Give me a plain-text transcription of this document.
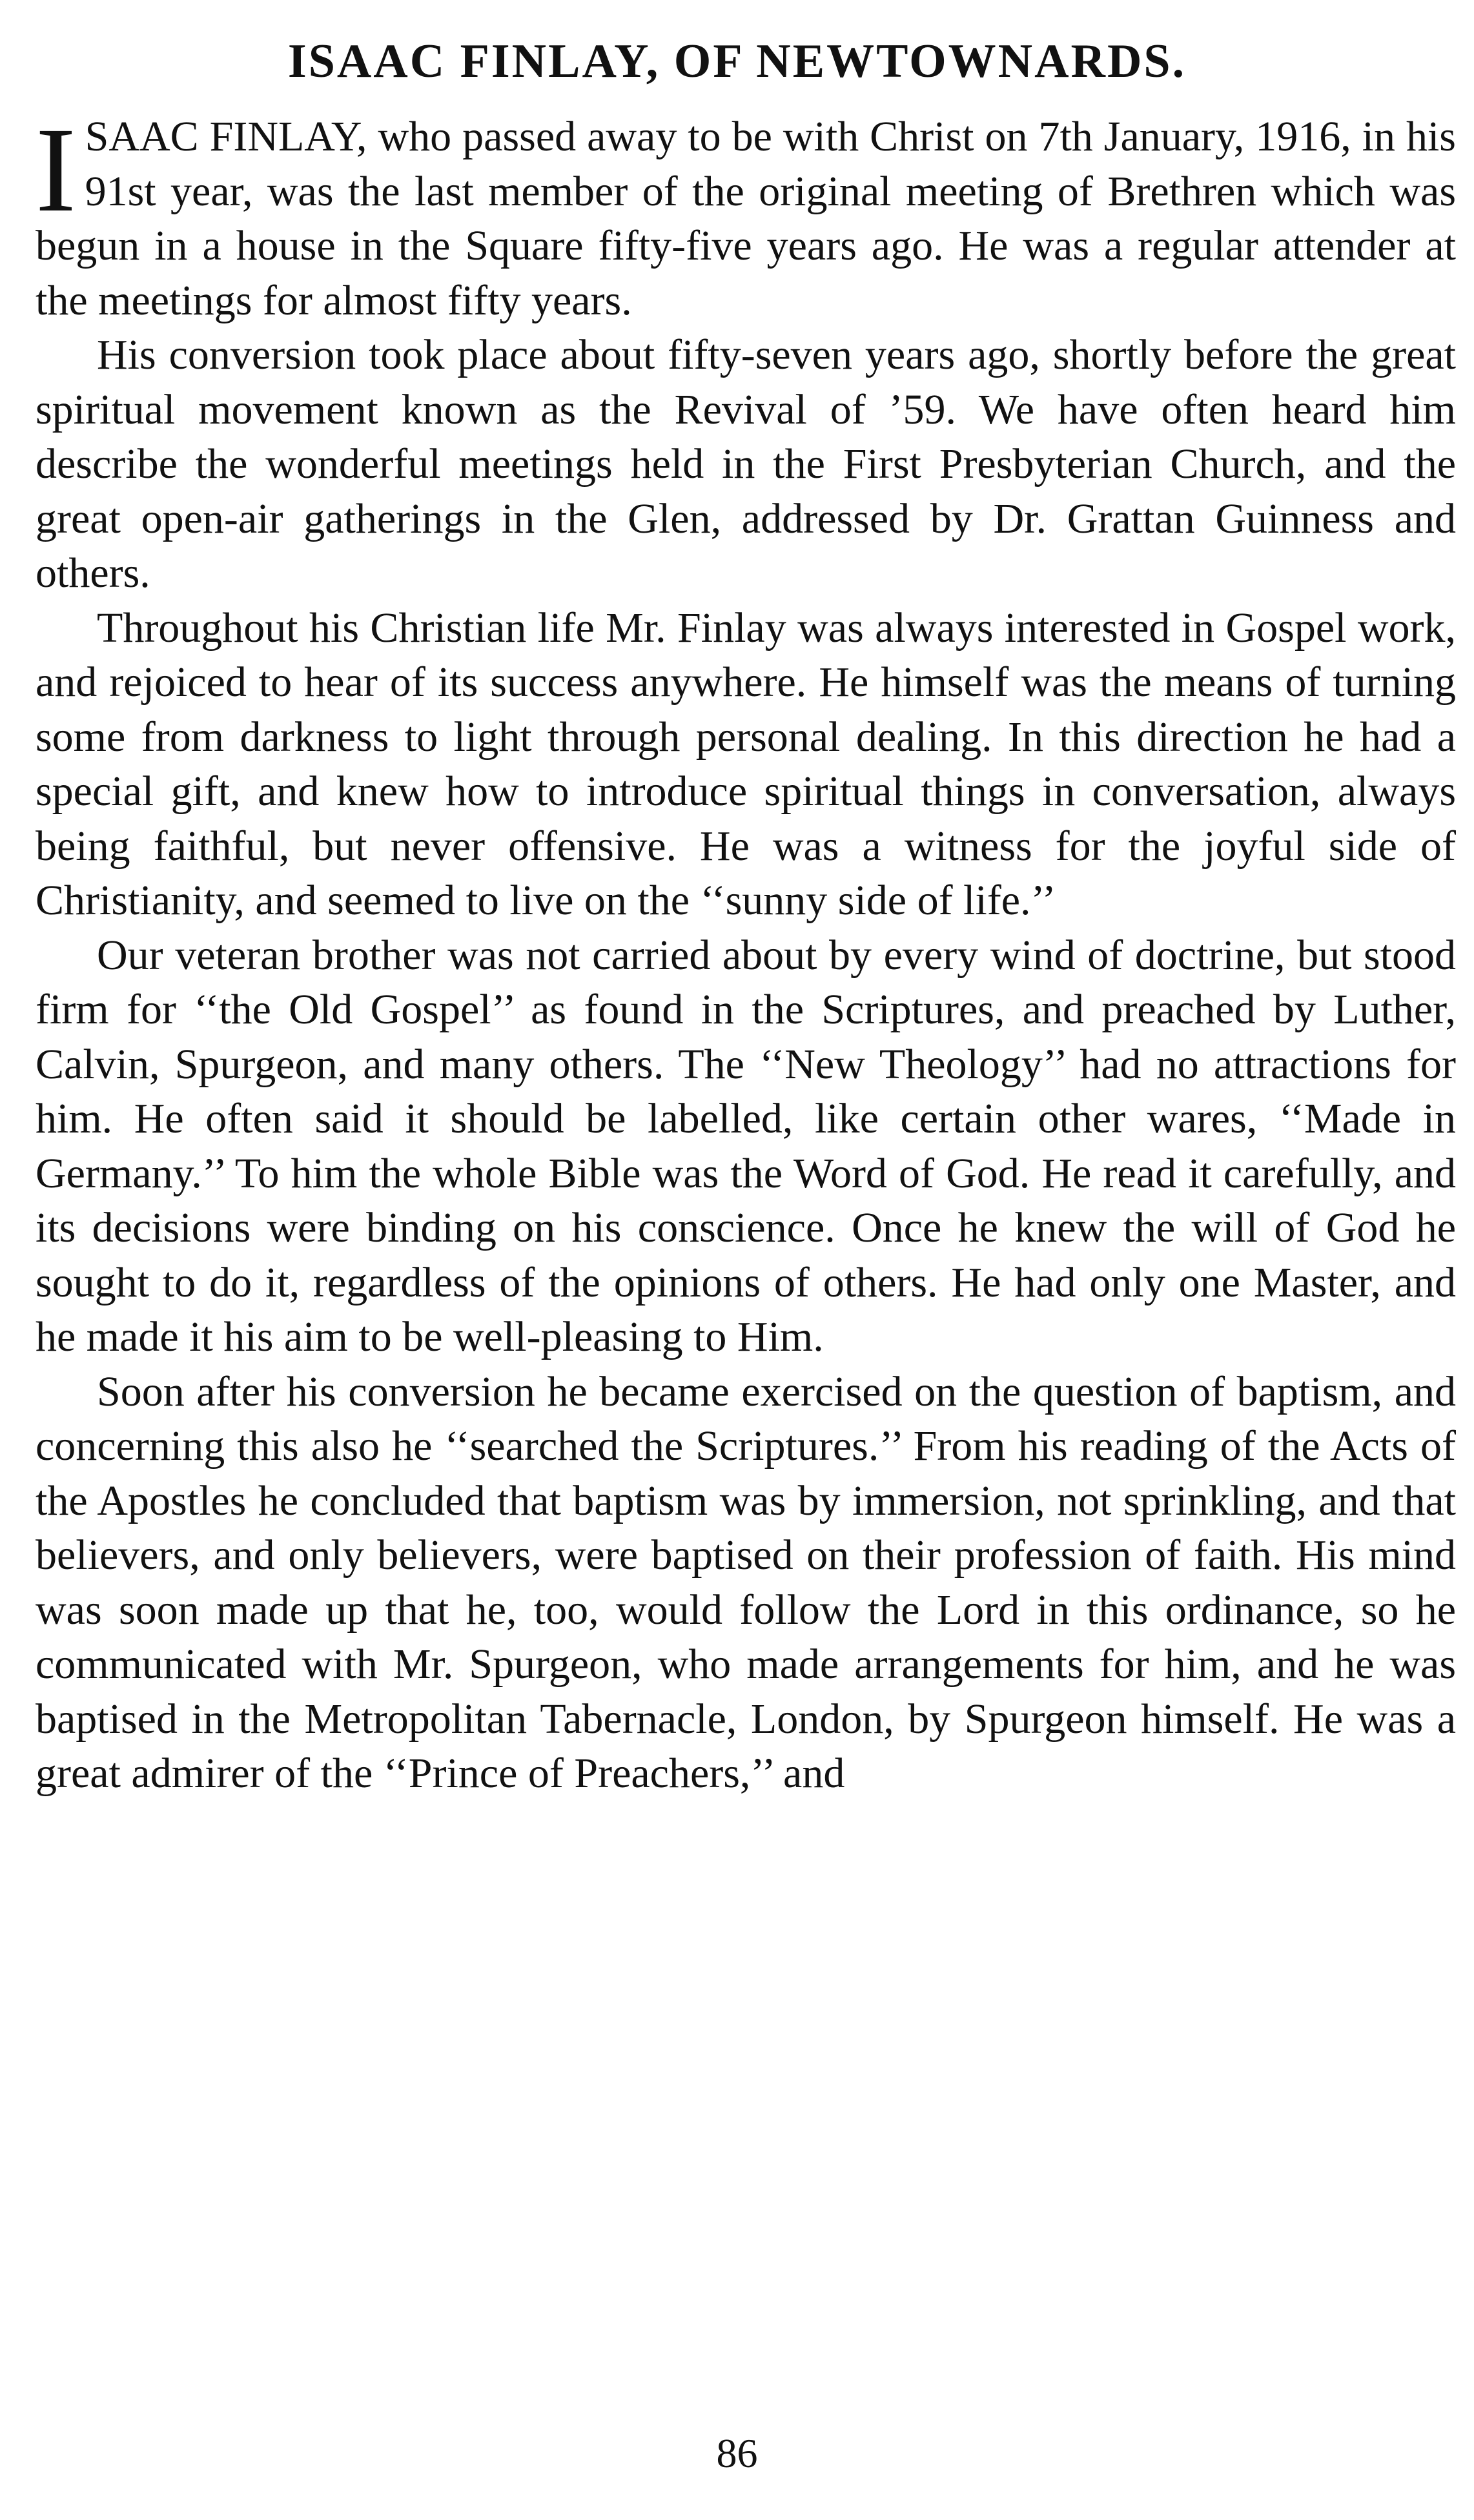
ISAAC FINLAY, OF NEWTOWNARDS.

ISAAC FINLAY, who passed away to be with Christ on 7th January, 1916, in his 91st year, was the last member of the original meeting of Brethren which was begun in a house in the Square fifty-five years ago. He was a regular attender at the meetings for almost fifty years.

His conversion took place about fifty-seven years ago, shortly before the great spiritual movement known as the Revival of ’59. We have often heard him describe the wonderful meetings held in the First Presbyterian Church, and the great open-air gatherings in the Glen, addressed by Dr. Grattan Guinness and others.

Throughout his Christian life Mr. Finlay was always interested in Gospel work, and rejoiced to hear of its success anywhere. He himself was the means of turning some from darkness to light through personal dealing. In this direction he had a special gift, and knew how to introduce spiritual things in conversation, always being faithful, but never offensive. He was a witness for the joyful side of Christianity, and seemed to live on the ‘‘sunny side of life.’’

Our veteran brother was not carried about by every wind of doctrine, but stood firm for ‘‘the Old Gospel’’ as found in the Scriptures, and preached by Luther, Calvin, Spurgeon, and many others. The ‘‘New Theology’’ had no attractions for him. He often said it should be labelled, like certain other wares, ‘‘Made in Germany.’’ To him the whole Bible was the Word of God. He read it carefully, and its decisions were binding on his conscience. Once he knew the will of God he sought to do it, regardless of the opinions of others. He had only one Master, and he made it his aim to be well-pleasing to Him.

Soon after his conversion he became exercised on the question of baptism, and concerning this also he ‘‘searched the Scriptures.’’ From his reading of the Acts of the Apostles he concluded that baptism was by immersion, not sprinkling, and that believers, and only believers, were baptised on their profession of faith. His mind was soon made up that he, too, would follow the Lord in this ordinance, so he communicated with Mr. Spurgeon, who made arrangements for him, and he was baptised in the Metropolitan Tabernacle, London, by Spurgeon himself. He was a great admirer of the ‘‘Prince of Preachers,’’ and

86
